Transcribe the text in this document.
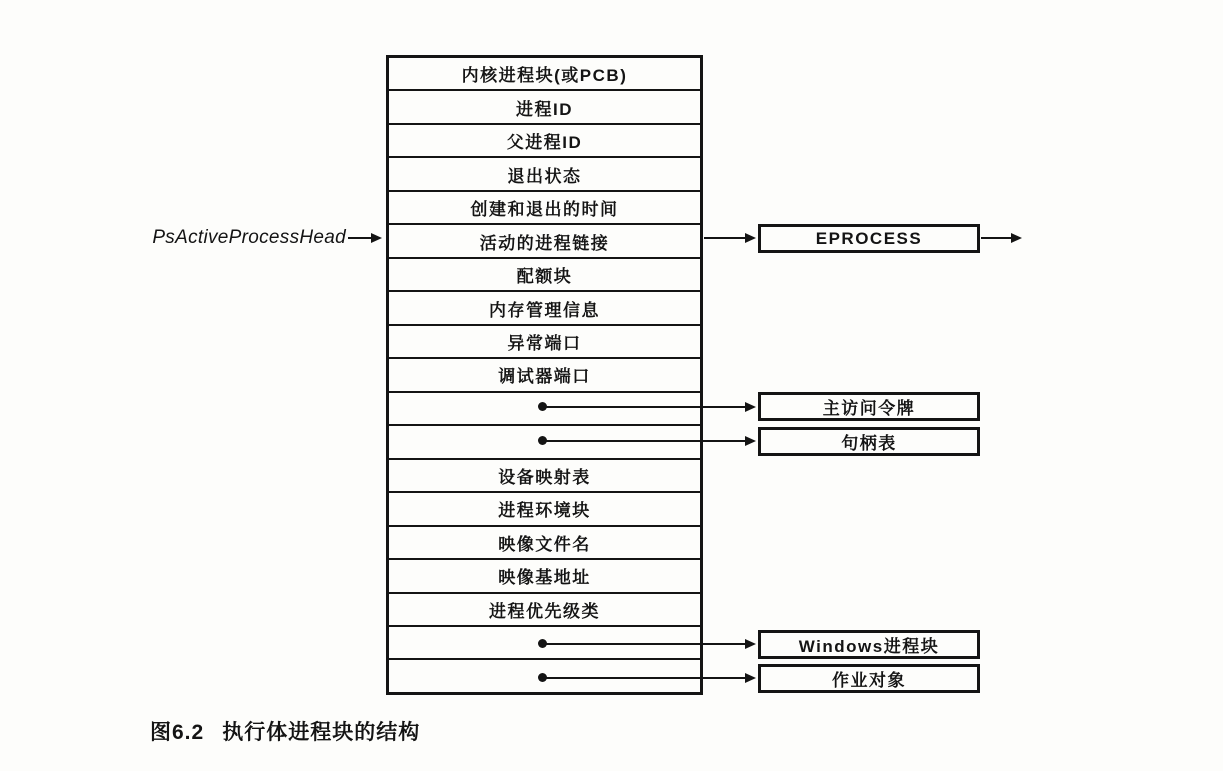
PsActiveProcessHead
内核进程块(或PCB)
进程ID
父进程ID
退出状态
创建和退出的时间
活动的进程链接
配额块
内存管理信息
异常端口
调试器端口
设备映射表
进程环境块
映像文件名
映像基地址
进程优先级类
EPROCESS
主访问令牌
句柄表
Windows进程块
作业对象
图6.2 执行体进程块的结构
